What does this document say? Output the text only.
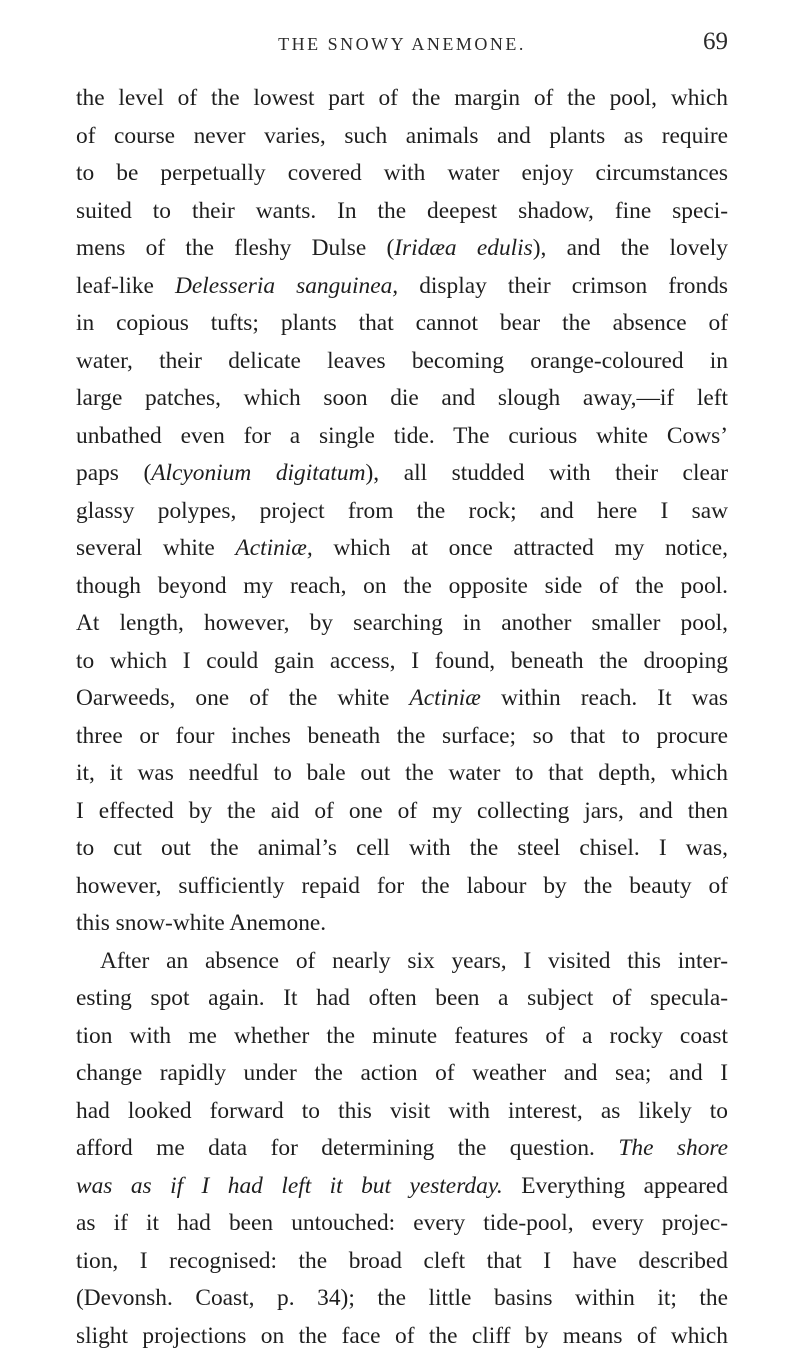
THE SNOWY ANEMONE.	69
the level of the lowest part of the margin of the pool, which
of course never varies, such animals and plants as require
to be perpetually covered with water enjoy circumstances
suited to their wants. In the deepest shadow, fine speci-
mens of the fleshy Dulse (Iridæa edulis), and the lovely
leaf-like Delesseria sanguinea, display their crimson fronds
in copious tufts; plants that cannot bear the absence of
water, their delicate leaves becoming orange-coloured in
large patches, which soon die and slough away,—if left
unbathed even for a single tide. The curious white Cows’
paps (Alcyonium digitatum), all studded with their clear
glassy polypes, project from the rock; and here I saw
several white Actiniæ, which at once attracted my notice,
though beyond my reach, on the opposite side of the pool.
At length, however, by searching in another smaller pool,
to which I could gain access, I found, beneath the drooping
Oarweeds, one of the white Actiniæ within reach. It was
three or four inches beneath the surface; so that to procure
it, it was needful to bale out the water to that depth, which
I effected by the aid of one of my collecting jars, and then
to cut out the animal’s cell with the steel chisel. I was,
however, sufficiently repaid for the labour by the beauty of
this snow-white Anemone.
After an absence of nearly six years, I visited this inter-
esting spot again. It had often been a subject of specula-
tion with me whether the minute features of a rocky coast
change rapidly under the action of weather and sea; and I
had looked forward to this visit with interest, as likely to
afford me data for determining the question. The shore
was as if I had left it but yesterday. Everything appeared
as if it had been untouched: every tide-pool, every projec-
tion, I recognised: the broad cleft that I have described
(Devonsh. Coast, p. 34); the little basins within it; the
slight projections on the face of the cliff by means of which
